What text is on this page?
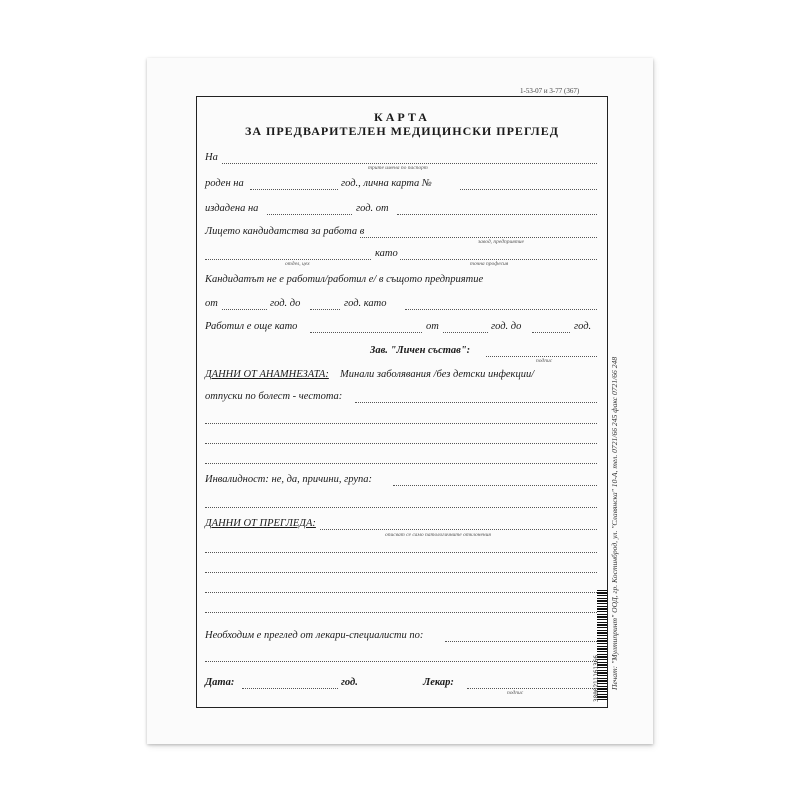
1-53-07 и 3-77 (367)
КАРТА
ЗА ПРЕДВАРИТЕЛЕН МЕДИЦИНСКИ ПРЕГЛЕД
На
трите имена по паспорт
роден на	год., лична карта №
издадена на	год. от
Лицето кандидатства за работа в
завод, предприятие
като
отдел, цех	точна професия
Кандидатът не е работил/работил е/ в същото предприятие
от	год. до	год. като
Работил е още като	от	год. до	год.
Зав. "Личен състав":
подпис
ДАННИ ОТ АНАМНЕЗАТА: Минали заболявания /без детски инфекции/
отпуски по болест - честота:
Инвалидност: не, да, причини, група:
ДАННИ ОТ ПРЕГЛЕДА:
описват се само патологичните отклонения
Необходим е преглед от лекари-специалисти по:
Дата:	год.	Лекар:
подпис
Печат: "Мултипринт" ООД, гр. Костинброд, ул. "Славянска" 10-А, тел. 0721/66 245 факс 0721/66 248
3800211161366
